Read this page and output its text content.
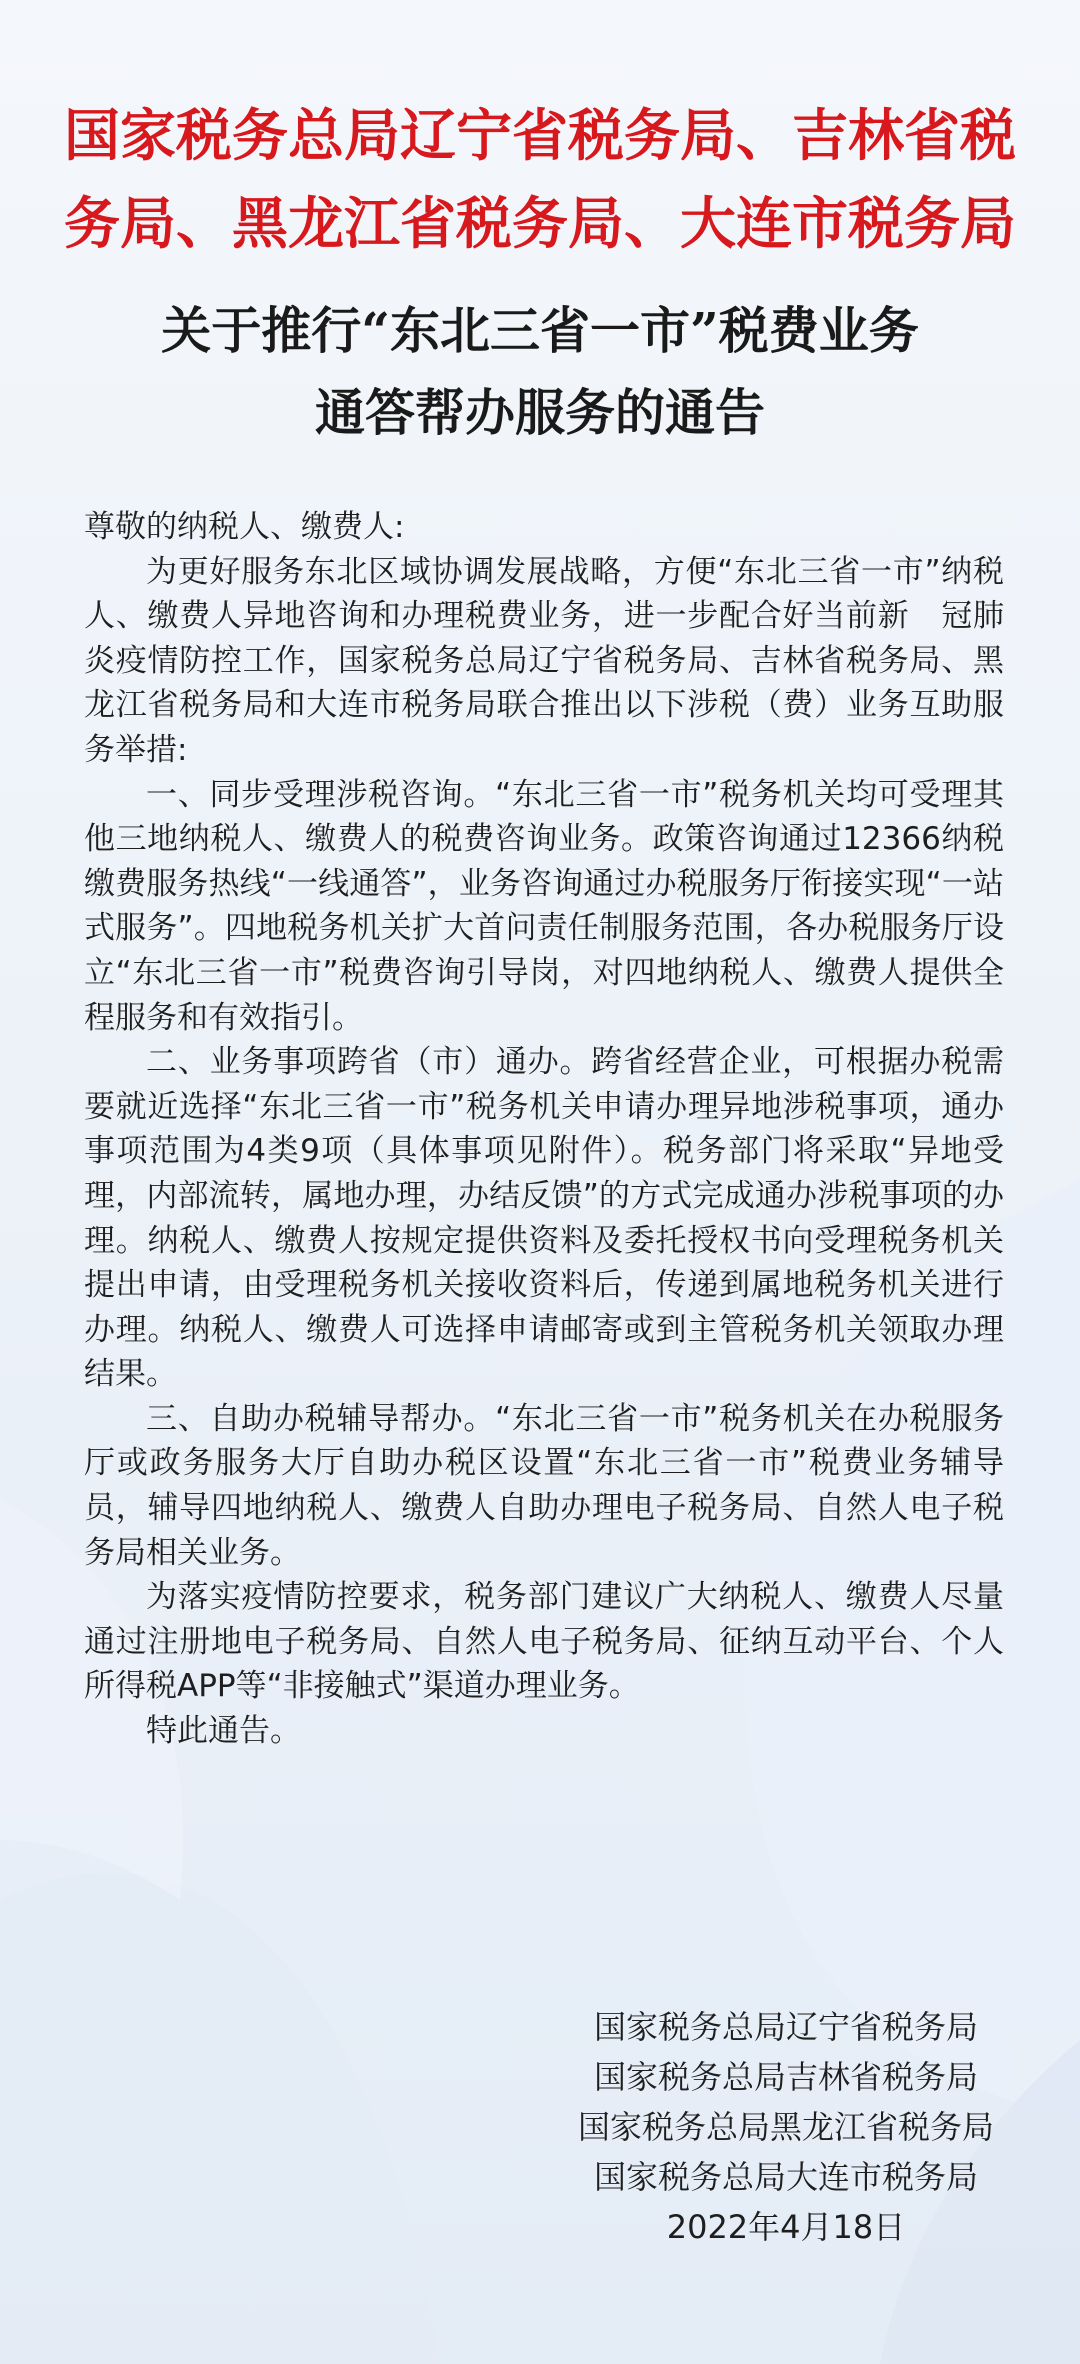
国家税务总局辽宁省税务局、吉林省税务局、黑龙江省税务局、大连市税务局
关于推行“东北三省一市”税费业务
通答帮办服务的通告

尊敬的纳税人、缴费人:

为更好服务东北区域协调发展战略，方便“东北三省一市”纳税人、缴费人异地咨询和办理税费业务，进一步配合好当前新　冠肺炎疫情防控工作，国家税务总局辽宁省税务局、吉林省税务局、黑龙江省税务局和大连市税务局联合推出以下涉税（费）业务互助服务举措:

一、同步受理涉税咨询。“东北三省一市”税务机关均可受理其他三地纳税人、缴费人的税费咨询业务。政策咨询通过12366纳税缴费服务热线“一线通答”，业务咨询通过办税服务厅衔接实现“一站式服务”。四地税务机关扩大首问责任制服务范围，各办税服务厅设立“东北三省一市”税费咨询引导岗，对四地纳税人、缴费人提供全程服务和有效指引。

二、业务事项跨省（市）通办。跨省经营企业，可根据办税需要就近选择“东北三省一市”税务机关申请办理异地涉税事项，通办事项范围为4类9项（具体事项见附件）。税务部门将采取“异地受理，内部流转，属地办理，办结反馈”的方式完成通办涉税事项的办理。纳税人、缴费人按规定提供资料及委托授权书向受理税务机关提出申请，由受理税务机关接收资料后，传递到属地税务机关进行办理。纳税人、缴费人可选择申请邮寄或到主管税务机关领取办理结果。

三、自助办税辅导帮办。“东北三省一市”税务机关在办税服务厅或政务服务大厅自助办税区设置“东北三省一市”税费业务辅导员，辅导四地纳税人、缴费人自助办理电子税务局、自然人电子税务局相关业务。

为落实疫情防控要求，税务部门建议广大纳税人、缴费人尽量通过注册地电子税务局、自然人电子税务局、征纳互动平台、个人所得税APP等“非接触式”渠道办理业务。

特此通告。

国家税务总局辽宁省税务局
国家税务总局吉林省税务局
国家税务总局黑龙江省税务局
国家税务总局大连市税务局
2022年4月18日
